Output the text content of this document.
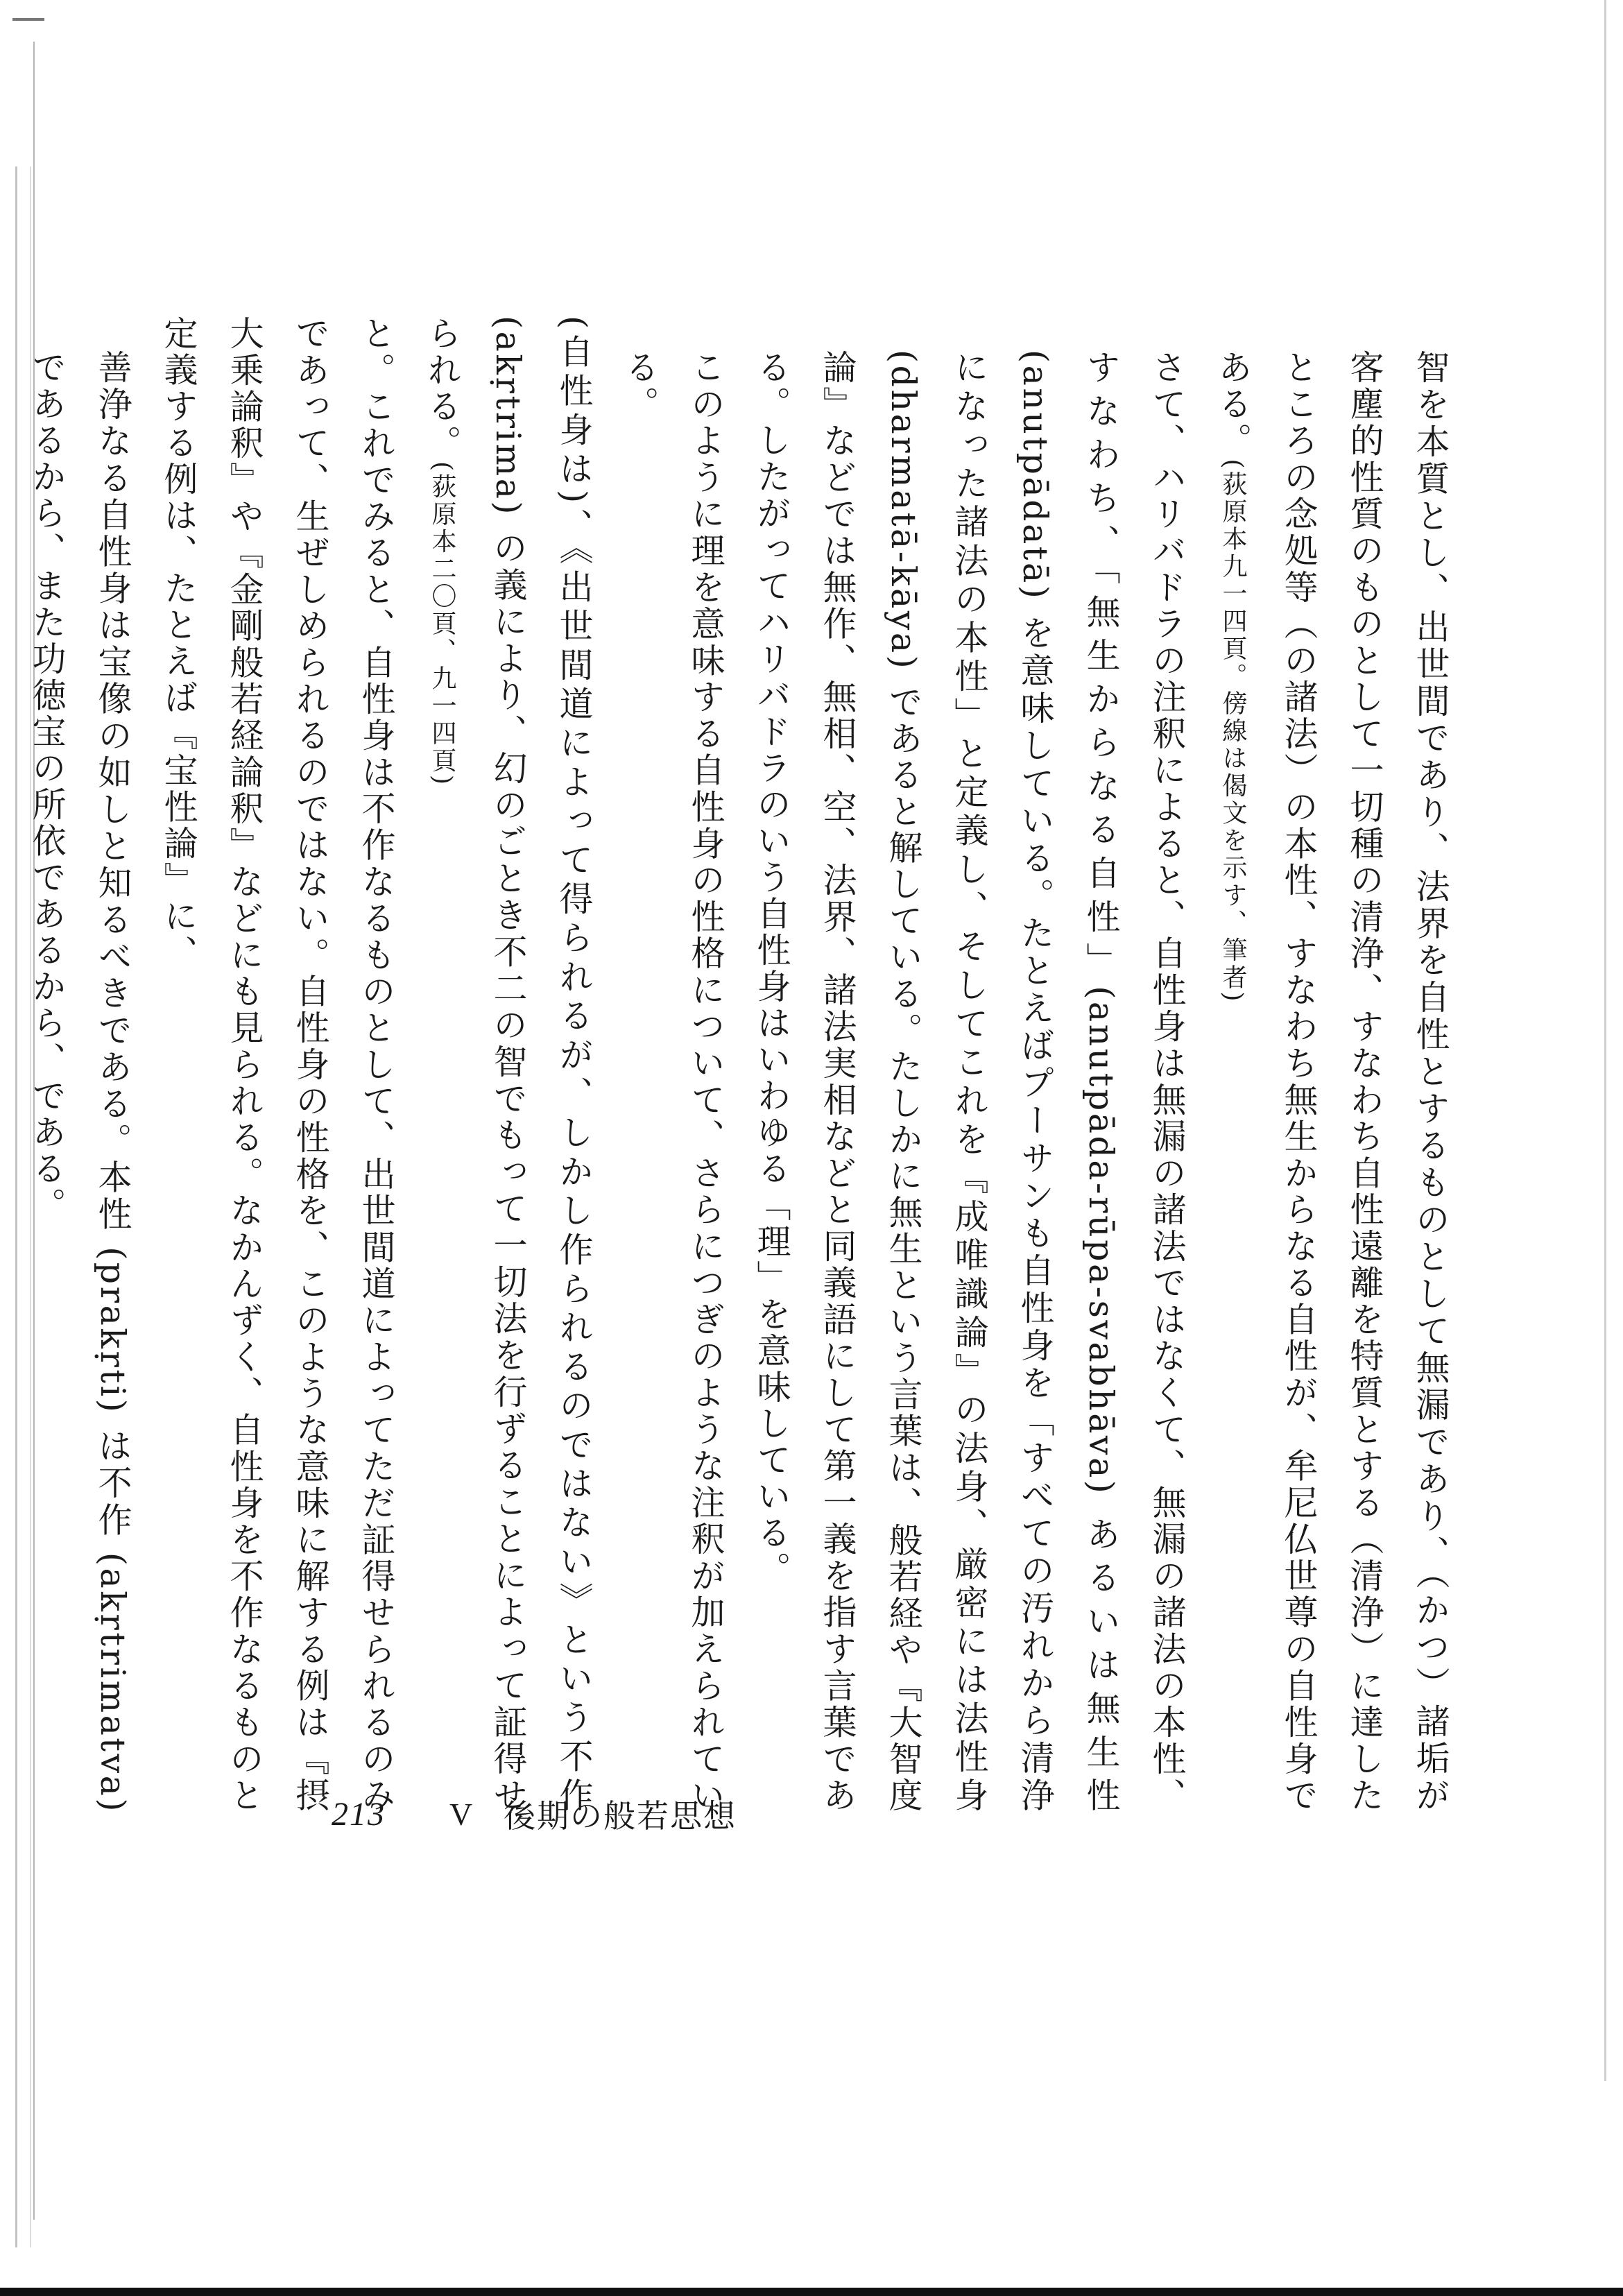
智を本質とし、出世間であり、法界を自性とするものとして無漏であり、（かつ）諸垢が客塵的性質のものとして一切種の清浄、すなわち自性遠離を特質とする（清浄）に達したところの念処等（の諸法）の本性、すなわち無生からなる自性が、牟尼仏世尊の自性身である。(荻原本九一四頁。傍線は偈文を示す、筆者)

さて、ハリバドラの注釈によると、自性身は無漏の諸法ではなくて、無漏の諸法の本性、すなわち、「無生からなる自性」(anutpāda-rūpa-svabhāva) あるいは無生性 (anutpādatā) を意味している。たとえばプーサンも自性身を「すべての汚れから清浄になった諸法の本性」と定義し、そしてこれを『成唯識論』の法身、厳密には法性身 (dharmatā-kāya) であると解している。たしかに無生という言葉は、般若経や『大智度論』などでは無作、無相、空、法界、諸法実相などと同義語にして第一義を指す言葉である。したがってハリバドラのいう自性身はいわゆる「理」を意味している。

このように理を意味する自性身の性格について、さらにつぎのような注釈が加えられている。

(自性身は)、《出世間道によって得られるが、しかし作られるのではない》という不作 (akṛtrima) の義により、幻のごとき不二の智でもって一切法を行ずることによって証得せられる。(荻原本二〇頁、九一四頁)

と。これでみると、自性身は不作なるものとして、出世間道によってただ証得せられるのみであって、生ぜしめられるのではない。自性身の性格を、このような意味に解する例は『摂大乗論釈』や『金剛般若経論釈』などにも見られる。なかんずく、自性身を不作なるものと定義する例は、たとえば『宝性論』に、

善浄なる自性身は宝像の如しと知るべきである。本性 (prakṛti) は不作 (akṛtrimatva) であるから、また功徳宝の所依であるから、である。

213	V 後期の般若思想
